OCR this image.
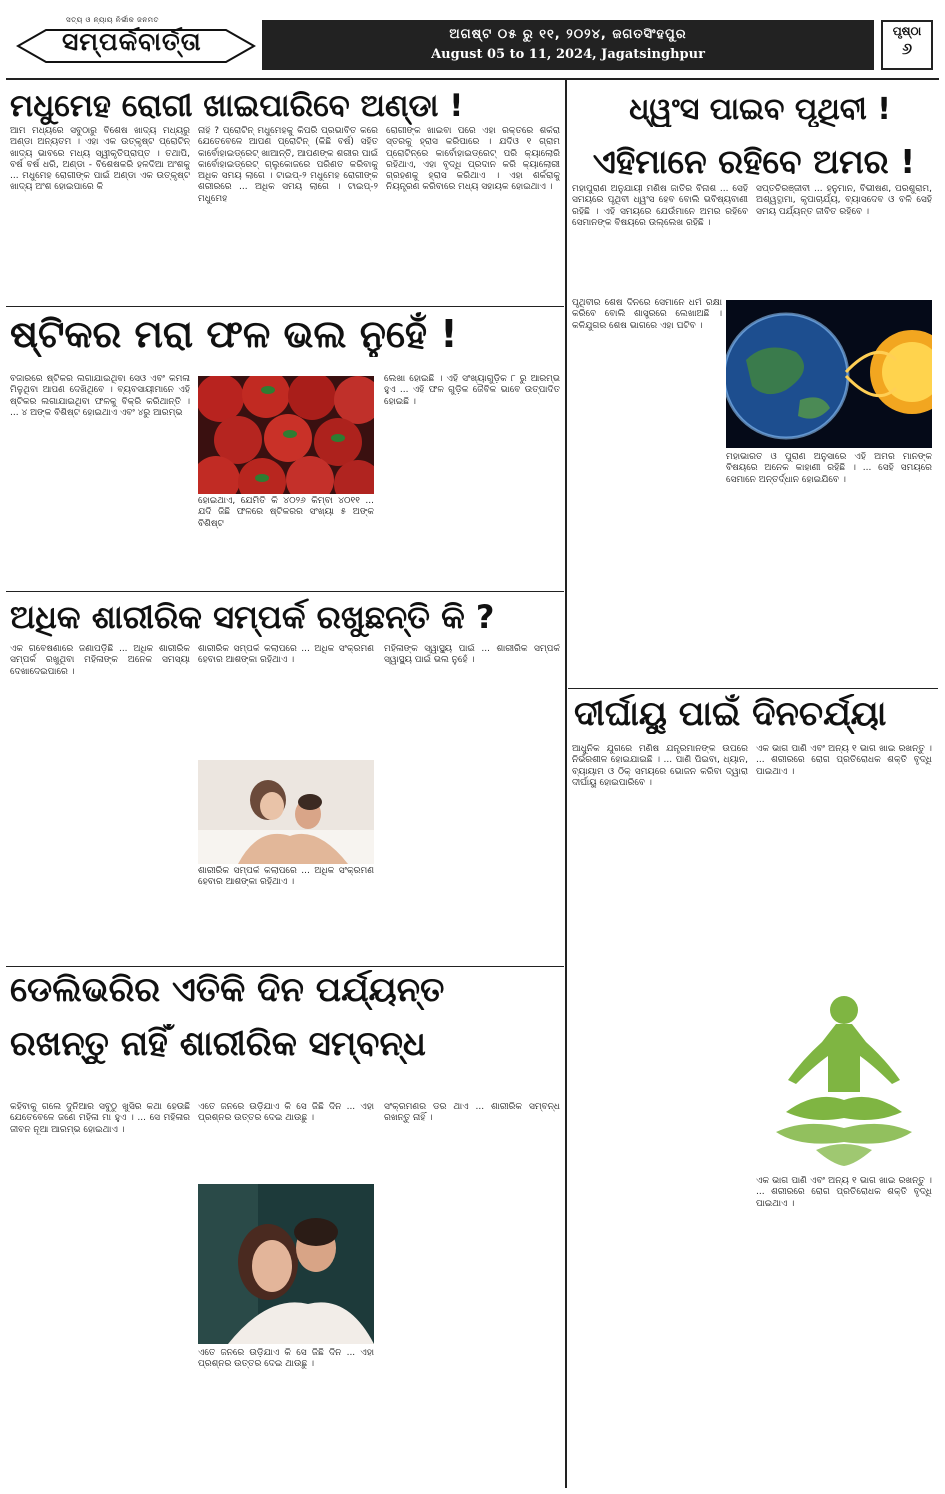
ସତ୍ୟ ଓ ନ୍ୟାୟ ନିର୍ଭୀକ ଜନମତ
ସମ୍ପର୍କବାର୍ତ୍ତା	ଅଗଷ୍ଟ ୦୫ ରୁ ୧୧, ୨୦୨୪, ଜଗତସିଂହପୁର
August 05 to 11, 2024, Jagatsinghpur
ପୃଷ୍ଠା
୬
ମଧୁମେହ ରୋଗୀ ଖାଇପାରିବେ ଅଣ୍ଡା !

ଆମ ମଧ୍ୟରେ ସବୁଠାରୁ ବିଶେଷ ଖାଦ୍ୟ ମଧ୍ୟରୁ ଅଣ୍ଡା ଅନ୍ୟତମ । ଏହା ଏକ ଉତ୍କୃଷ୍ଟ ପ୍ରୋଟିନ୍ ଖାଦ୍ୟ ଭାବରେ ମଧ୍ୟ ସ୍ୱୀକୃତିପ୍ରାପ୍ତ । ତଥାପି, ବର୍ଷ ବର୍ଷ ଧରି, ଅଣ୍ଡା - ବିଶେଷକରି ହଳଦିଆ ଅଂଶକୁ ... ମଧୁମେହ ରୋଗୀଙ୍କ ପାଇଁ ଅଣ୍ଡା ଏକ ଉତ୍କୃଷ୍ଟ ଖାଦ୍ୟ ଅଂଶ ହୋଇପାରେ କି

ନାହିଁ ? ପ୍ରୋଟିନ୍ ମଧୁମେହକୁ କିପରି ପ୍ରଭାବିତ କରେ ଯେତେବେଳେ ଆପଣ ପ୍ରୋଟିନ୍ (କିଛି ବର୍ଷ) ସହିତ କାର୍ବୋହାଇଡ୍ରେଟ୍ ଖାଆନ୍ତି, ଆପଣଙ୍କ ଶରୀର ପାଇଁ କାର୍ବୋହାଇଡ୍ରେଟ୍ ଗ୍ଲୁକୋଜରେ ପରିଣତ କରିବାକୁ ଅଧିକ ସମୟ ଲାଗେ । ଟାଇପ୍-୨ ମଧୁମେହ ରୋଗୀଙ୍କ ଶରୀରରେ ... ଅଧିକ ସମୟ ଲାଗେ । ଟାଇପ୍-୨ ମଧୁମେହ

ରୋଗୀଙ୍କ ଖାଇବା ପରେ ଏହା ରକ୍ତରେ ଶର୍କରା ସ୍ତରକୁ ହ୍ରାସ କରିପାରେ । ଯଦିଓ ୧ ଗ୍ରାମ ପ୍ରୋଟିନ୍‌ରେ କାର୍ବୋହାଇଡ୍ରେଟ୍ ପରି କ୍ୟାଲୋରି ରହିଥାଏ, ଏହା ବୃଦ୍ଧି ପ୍ରଦାନ କରି କ୍ୟାଲୋରୀ ଗ୍ରହଣକୁ ହ୍ରାସ କରିଥାଏ । ଏହା ଶର୍କରାକୁ ନିୟନ୍ତ୍ରଣ କରିବାରେ ମଧ୍ୟ ସହାୟକ ହୋଇଥାଏ ।

ଷ୍ଟିକର ମରା ଫଳ ଭଲ ନୁହେଁ !

ବଜାରରେ ଷ୍ଟିକର ଲଗାଯାଇଥିବା ସେଓ ଏବଂ କମଳା ମିଳୁଥିବା ଆପଣ ଦେଖିଥିବେ । ବ୍ୟବସାୟୀମାନେ ଏହି ଷ୍ଟିକର ଲଗାଯାଇଥିବା ଫଳକୁ ବିକ୍ରି କରିଥାନ୍ତି । ... ୪ ଅଙ୍କ ବିଶିଷ୍ଟ ହୋଇଥାଏ ଏବଂ ୪ରୁ ଆରମ୍ଭ

ହୋଇଥାଏ, ଯେମିତି କି ୪୦୨୬ କିମ୍ବା ୪୦୧୧ ... ଯଦି ଜିଛି ଫଳରେ ଷ୍ଟିକରର ସଂଖ୍ୟା ୫ ଅଙ୍କ ବିଶିଷ୍ଟ

ଲେଖା ହୋଇଛି । ଏହି ସଂଖ୍ୟାଗୁଡ଼ିକ ୮ ରୁ ଆରମ୍ଭ ହୁଏ ... ଏହି ଫଳ ଗୁଡ଼ିକ ଜୈବିକ ଭାବେ ଉତ୍ପାଦିତ ହୋଇଛି ।

ଅଧିକ ଶାରୀରିକ ସମ୍ପର୍କ ରଖୁଛନ୍ତି କି ?

ଏକ ଗବେଷଣାରେ ଜଣାପଡ଼ିଛି ... ଅଧିକ ଶାରୀରିକ ସମ୍ପର୍କ ରଖୁଥିବା ମହିଳାଙ୍କ ଅନେକ ସମସ୍ୟା ଦେଖାଦେଇପାରେ ।

ଶାରୀରିକ ସମ୍ପର୍କ କଲାପରେ ... ଅଧିକ ସଂକ୍ରମଣ ହେବାର ଆଶଙ୍କା ରହିଥାଏ ।

ଶାରୀରିକ ସମ୍ପର୍କ କଲାପରେ ... ଅଧିକ ସଂକ୍ରମଣ ହେବାର ଆଶଙ୍କା ରହିଥାଏ ।

ମହିଳାଙ୍କ ସ୍ୱାସ୍ଥ୍ୟ ପାଇଁ ... ଶାରୀରିକ ସମ୍ପର୍କ ସ୍ୱାସ୍ଥ୍ୟ ପାଇଁ ଭଲ ନୁହେଁ ।

ଡେଲିଭରିର ଏତିକି ଦିନ ପର୍ଯ୍ୟନ୍ତ
ରଖନ୍ତୁ ନାହିଁ ଶାରୀରିକ ସମ୍ବନ୍ଧ

କହିବାକୁ ଗଲେ ଦୁନିଆର ସବୁଠୁ ଖୁସିର କଥା ହେଉଛି ଯେତେବେଳେ ଜଣେ ମହିଳା ମା ହୁଏ । ... ସେ ମହିଳାର ଜୀବନ ନୂଆ ଆରମ୍ଭ ହୋଇଥାଏ ।

ଏତେ ଜନରେ ଉଡ଼ିଯାଏ କି ସେ ଜିଛି ଦିନ ... ଏହା ପ୍ରଶ୍ନର ଉତ୍ତର ଦେଇ ଥାଉଛୁ ।

ଏତେ ଜନରେ ଉଡ଼ିଯାଏ କି ସେ ଜିଛି ଦିନ ... ଏହା ପ୍ରଶ୍ନର ଉତ୍ତର ଦେଇ ଥାଉଛୁ ।

ସଂକ୍ରମଣର ଡର ଥାଏ ... ଶାରୀରିକ ସମ୍ବନ୍ଧ ରଖନ୍ତୁ ନାହିଁ ।

ଧ୍ୱଂସ ପାଇବ ପୃଥିବୀ !
ଏହିମାନେ ରହିବେ ଅମର !

ମହାପୁରାଣ ଅନୁଯାୟୀ ମଣିଷ ଜାତିର ବିନାଶ ... ସେହି ସମୟରେ ପୃଥିବୀ ଧ୍ୱଂସ ହେବ ବୋଲି ଭବିଷ୍ୟବାଣୀ ରହିଛି । ଏହି ସମୟରେ ଯେଉଁମାନେ ଅମର ରହିବେ ସେମାନଙ୍କ ବିଷୟରେ ଉଲ୍ଲେଖ ରହିଛି ।

ସପ୍ତଚିରଞ୍ଜୀବୀ ... ହନୁମାନ, ବିଭୀଷଣ, ପରଶୁରାମ, ଅଶ୍ୱତ୍ଥାମା, କୃପାଚାର୍ଯ୍ୟ, ବ୍ୟାସଦେବ ଓ ବଳି ସେହି ସମୟ ପର୍ଯ୍ୟନ୍ତ ଜୀବିତ ରହିବେ ।

ପୃଥିବୀର ଶେଷ ଦିନରେ ସେମାନେ ଧର୍ମ ରକ୍ଷା କରିବେ ବୋଲି ଶାସ୍ତ୍ରରେ ଲେଖାଅଛି । କଳିଯୁଗର ଶେଷ ଭାଗରେ ଏହା ଘଟିବ ।

ମହାଭାରତ ଓ ପୁରାଣ ଅନୁସାରେ ଏହି ଅମର ମାନଙ୍କ ବିଷୟରେ ଅନେକ କାହାଣୀ ରହିଛି । ... ସେହି ସମୟରେ ସେମାନେ ଅନ୍ତର୍ଦ୍ଧାନ ହୋଇଯିବେ ।

ଦୀର୍ଘାୟୁ ପାଇଁ ଦିନଚର୍ଯ୍ୟା

ଆଧୁନିକ ଯୁଗରେ ମଣିଷ ଯନ୍ତ୍ରମାନଙ୍କ ଉପରେ ନିର୍ଭରଶୀଳ ହୋଇଯାଇଛି । ... ପାଣି ପିଇବା, ଧ୍ୟାନ, ବ୍ୟାୟାମ ଓ ଠିକ୍ ସମୟରେ ଭୋଜନ କରିବା ଦ୍ୱାରା ଦୀର୍ଘାୟୁ ହୋଇପାରିବେ ।

ଏକ ଭାଗ ପାଣି ଏବଂ ଅନ୍ୟ ୧ ଭାଗ ଖାଇ ରଖନ୍ତୁ । ... ଶରୀରରେ ରୋଗ ପ୍ରତିରୋଧକ ଶକ୍ତି ବୃଦ୍ଧି ପାଇଥାଏ ।

ଏକ ଭାଗ ପାଣି ଏବଂ ଅନ୍ୟ ୧ ଭାଗ ଖାଇ ରଖନ୍ତୁ । ... ଶରୀରରେ ରୋଗ ପ୍ରତିରୋଧକ ଶକ୍ତି ବୃଦ୍ଧି ପାଇଥାଏ ।
